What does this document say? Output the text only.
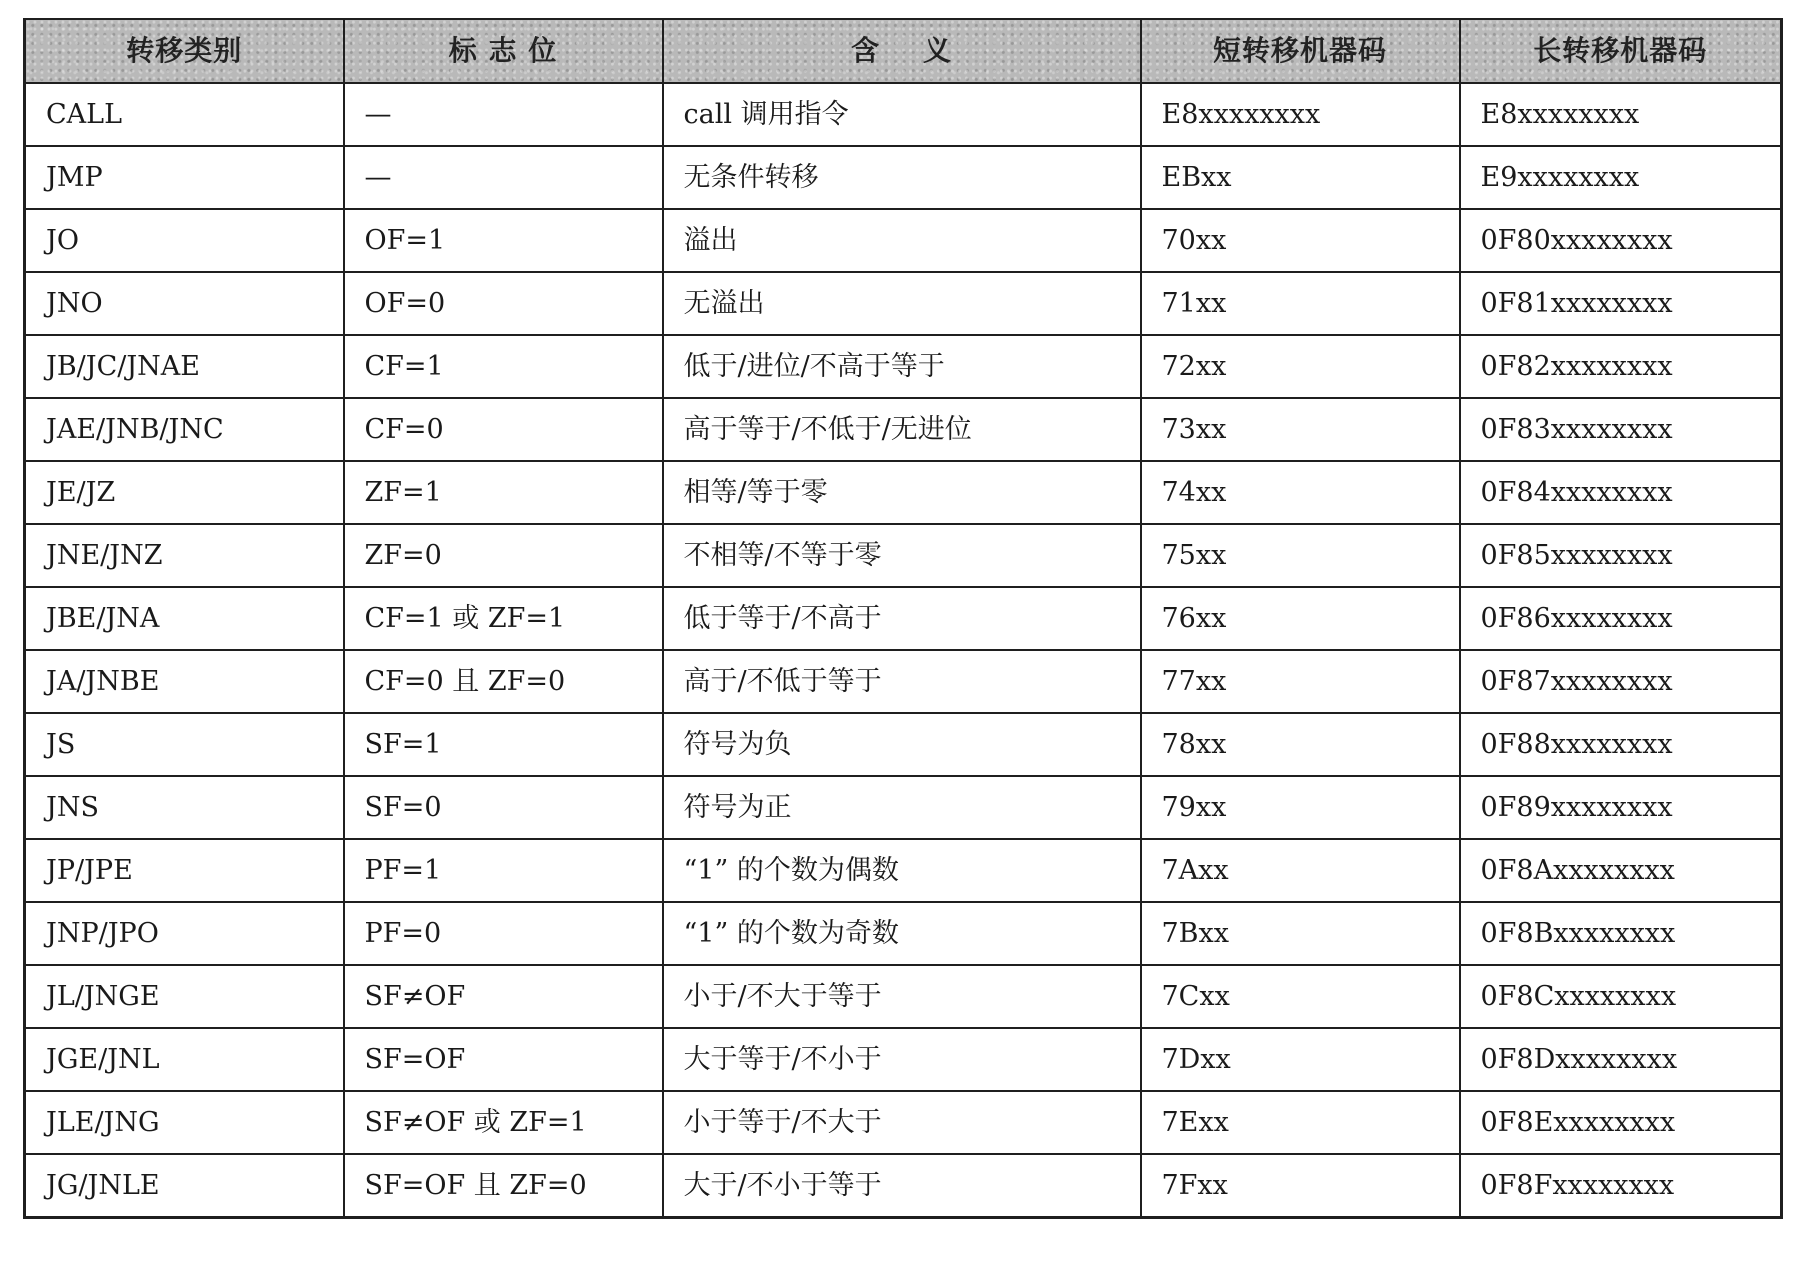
转移类别	标 志 位	含    义	短转移机器码	长转移机器码
CALL	—	call 调用指令	E8xxxxxxxx	E8xxxxxxxx
JMP	—	无条件转移	EBxx	E9xxxxxxxx
JO	OF=1	溢出	70xx	0F80xxxxxxxx
JNO	OF=0	无溢出	71xx	0F81xxxxxxxx
JB/JC/JNAE	CF=1	低于/进位/不高于等于	72xx	0F82xxxxxxxx
JAE/JNB/JNC	CF=0	高于等于/不低于/无进位	73xx	0F83xxxxxxxx
JE/JZ	ZF=1	相等/等于零	74xx	0F84xxxxxxxx
JNE/JNZ	ZF=0	不相等/不等于零	75xx	0F85xxxxxxxx
JBE/JNA	CF=1 或 ZF=1	低于等于/不高于	76xx	0F86xxxxxxxx
JA/JNBE	CF=0 且 ZF=0	高于/不低于等于	77xx	0F87xxxxxxxx
JS	SF=1	符号为负	78xx	0F88xxxxxxxx
JNS	SF=0	符号为正	79xx	0F89xxxxxxxx
JP/JPE	PF=1	“1” 的个数为偶数	7Axx	0F8Axxxxxxxx
JNP/JPO	PF=0	“1” 的个数为奇数	7Bxx	0F8Bxxxxxxxx
JL/JNGE	SF≠OF	小于/不大于等于	7Cxx	0F8Cxxxxxxxx
JGE/JNL	SF=OF	大于等于/不小于	7Dxx	0F8Dxxxxxxxx
JLE/JNG	SF≠OF 或 ZF=1	小于等于/不大于	7Exx	0F8Exxxxxxxx
JG/JNLE	SF=OF 且 ZF=0	大于/不小于等于	7Fxx	0F8Fxxxxxxxx
